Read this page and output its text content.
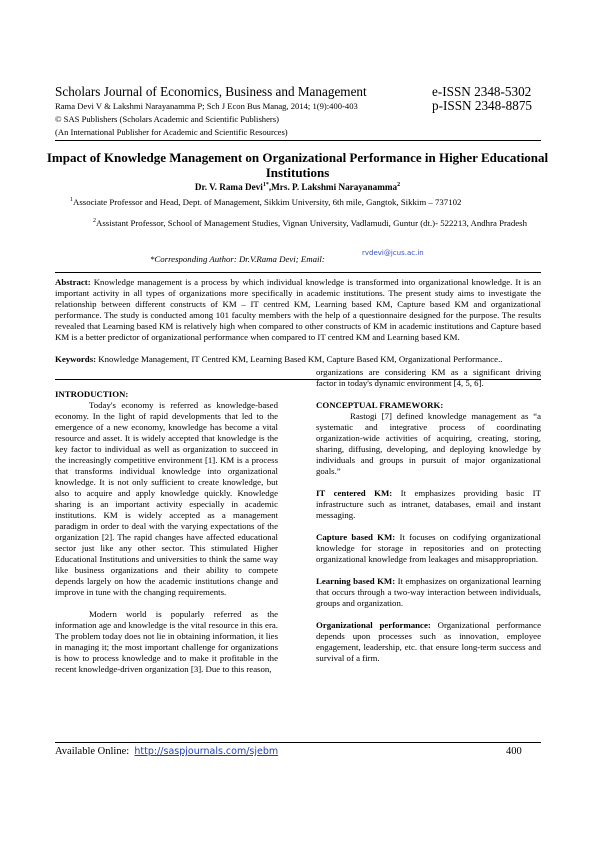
Scholars Journal of Economics, Business and Management	e-ISSN 2348-5302
Rama Devi V & Lakshmi Narayanamma P; Sch J Econ Bus Manag, 2014; 1(9):400-403	p-ISSN 2348-8875
© SAS Publishers (Scholars Academic and Scientific Publishers)
(An International Publisher for Academic and Scientific Resources)
Impact of Knowledge Management on Organizational Performance in Higher Educational Institutions
Dr. V. Rama Devi$^{1*}$,Mrs. P. Lakshmi Narayanamma$^2$
$^1$Associate Professor and Head, Dept. of Management, Sikkim University, 6th mile, Gangtok, Sikkim – 737102
$^2$Assistant Professor, School of Management Studies, Vignan University, Vadlamudi, Guntur (dt.)- 522213, Andhra Pradesh
*Corresponding Author: Dr.V.Rama Devi; Email:
rvdevi@jcus.ac.in
Abstract: Knowledge management is a process by which individual knowledge is transformed into organizational knowledge. It is an important activity in all types of organizations more specifically in academic institutions. The present study aims to investigate the relationship between different constructs of KM – IT centred KM, Learning based KM, Capture based KM and organizational performance. The study is conducted among 101 faculty members with the help of a questionnaire designed for the purpose. The results revealed that Learning based KM is relatively high when compared to other constructs of KM in academic institutions and Capture based KM is a better predictor of organizational performance when compared to IT centred KM and Learning based KM.
Keywords: Knowledge Management, IT Centred KM, Learning Based KM, Capture Based KM, Organizational Performance..

INTRODUCTION:

Today's economy is referred as knowledge-based economy. In the light of rapid developments that led to the emergence of a new economy, knowledge has become a vital resource and asset. It is widely accepted that knowledge is the key factor to individual as well as organization to succeed in the increasingly competitive environment [1]. KM is a process that transforms individual knowledge into organizational knowledge. It is not only sufficient to create knowledge, but also to acquire and apply knowledge quickly. Knowledge sharing is an important activity especially in academic institutions. KM is widely accepted as a management paradigm in order to deal with the varying expectations of the organization [2]. The rapid changes have affected educational sector just like any other sector. This stimulated Higher Educational Institutions and universities to think the same way like business organizations and their ability to compete depends largely on how the academic institutions change and improve in tune with the changing requirements.

Modern world is popularly referred as the information age and knowledge is the vital resource in this era. The problem today does not lie in obtaining information, it lies in managing it; the most important challenge for organizations is how to process knowledge and to make it profitable in the recent knowledge-driven organization [3]. Due to this reason,

organizations are considering KM as a significant driving factor in today's dynamic environment [4, 5, 6].

CONCEPTUAL FRAMEWORK:

Rastogi [7] defined knowledge management as “a systematic and integrative process of coordinating organization-wide activities of acquiring, creating, storing, sharing, diffusing, developing, and deploying knowledge by individuals and groups in pursuit of major organizational goals.”

IT centered KM: It emphasizes providing basic IT infrastructure such as intranet, databases, email and instant messaging.

Capture based KM: It focuses on codifying organizational knowledge for storage in repositories and on protecting organizational knowledge from leakages and misappropriation.

Learning based KM: It emphasizes on organizational learning that occurs through a two-way interaction between individuals, groups and organization.

Organizational performance: Organizational performance depends upon processes such as innovation, employee engagement, leadership, etc. that ensure long-term success and survival of a firm.

Available Online: http://saspjournals.com/sjebm	400
